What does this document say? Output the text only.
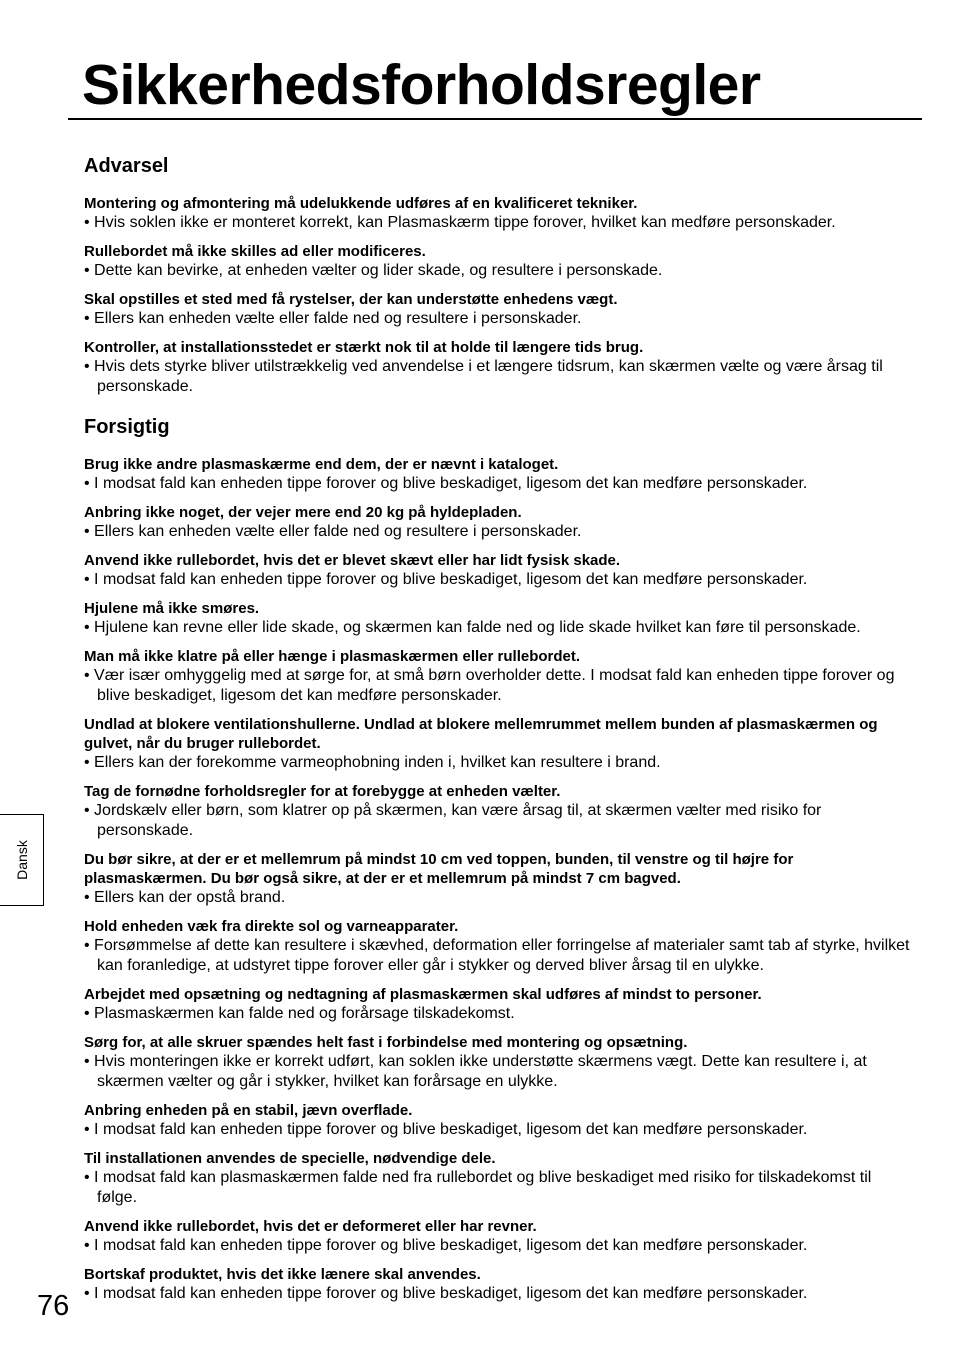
Sikkerhedsforholdsregler
Advarsel

Montering og afmontering må udelukkende udføres af en kvalificeret tekniker.

• Hvis soklen ikke er monteret korrekt, kan Plasmaskærm tippe forover, hvilket kan medføre personskader.

Rullebordet må ikke skilles ad eller modificeres.

• Dette kan bevirke, at enheden vælter og lider skade, og resultere i personskade.

Skal opstilles et sted med få rystelser, der kan understøtte enhedens vægt.

• Ellers kan enheden vælte eller falde ned og resultere i personskader.

Kontroller, at installationsstedet er stærkt nok til at holde til længere tids brug.

• Hvis dets styrke bliver utilstrækkelig ved anvendelse i et længere tidsrum, kan skærmen vælte og være årsag til personskade.

Forsigtig

Brug ikke andre plasmaskærme end dem, der er nævnt i kataloget.

• I modsat fald kan enheden tippe forover og blive beskadiget, ligesom det kan medføre personskader.

Anbring ikke noget, der vejer mere end 20 kg på hyldepladen.

• Ellers kan enheden vælte eller falde ned og resultere i personskader.

Anvend ikke rullebordet, hvis det er blevet skævt eller har lidt fysisk skade.

• I modsat fald kan enheden tippe forover og blive beskadiget, ligesom det kan medføre personskader.

Hjulene må ikke smøres.

• Hjulene kan revne eller lide skade, og skærmen kan falde ned og lide skade hvilket kan føre til personskade.

Man må ikke klatre på eller hænge i plasmaskærmen eller rullebordet.

• Vær især omhyggelig med at sørge for, at små børn overholder dette. I modsat fald kan enheden tippe forover og blive beskadiget, ligesom det kan medføre personskader.

Undlad at blokere ventilationshullerne. Undlad at blokere mellemrummet mellem bunden af plasmaskærmen og gulvet, når du bruger rullebordet.

• Ellers kan der forekomme varmeophobning inden i, hvilket kan resultere i brand.

Tag de fornødne forholdsregler for at forebygge at enheden vælter.

• Jordskælv eller børn, som klatrer op på skærmen, kan være årsag til, at skærmen vælter med risiko for personskade.

Du bør sikre, at der er et mellemrum på mindst 10 cm ved toppen, bunden, til venstre og til højre for plasmaskærmen. Du bør også sikre, at der er et mellemrum på mindst 7 cm bagved.

• Ellers kan der opstå brand.

Hold enheden væk fra direkte sol og varneapparater.

• Forsømmelse af dette kan resultere i skævhed, deformation eller forringelse af materialer samt tab af styrke, hvilket kan foranledige, at udstyret tippe forover eller går i stykker og derved bliver årsag til en ulykke.

Arbejdet med opsætning og nedtagning af plasmaskærmen skal udføres af mindst to personer.

• Plasmaskærmen kan falde ned og forårsage tilskadekomst.

Sørg for, at alle skruer spændes helt fast i forbindelse med montering og opsætning.

• Hvis monteringen ikke er korrekt udført, kan soklen ikke understøtte skærmens vægt. Dette kan resultere i, at skærmen vælter og går i stykker, hvilket kan forårsage en ulykke.

Anbring enheden på en stabil, jævn overflade.

• I modsat fald kan enheden tippe forover og blive beskadiget, ligesom det kan medføre personskader.

Til installationen anvendes de specielle, nødvendige dele.

• I modsat fald kan plasmaskærmen falde ned fra rullebordet og blive beskadiget med risiko for tilskadekomst til følge.

Anvend ikke rullebordet, hvis det er deformeret eller har revner.

• I modsat fald kan enheden tippe forover og blive beskadiget, ligesom det kan medføre personskader.

Bortskaf produktet, hvis det ikke lænere skal anvendes.

• I modsat fald kan enheden tippe forover og blive beskadiget, ligesom det kan medføre personskader.

Dansk
76
